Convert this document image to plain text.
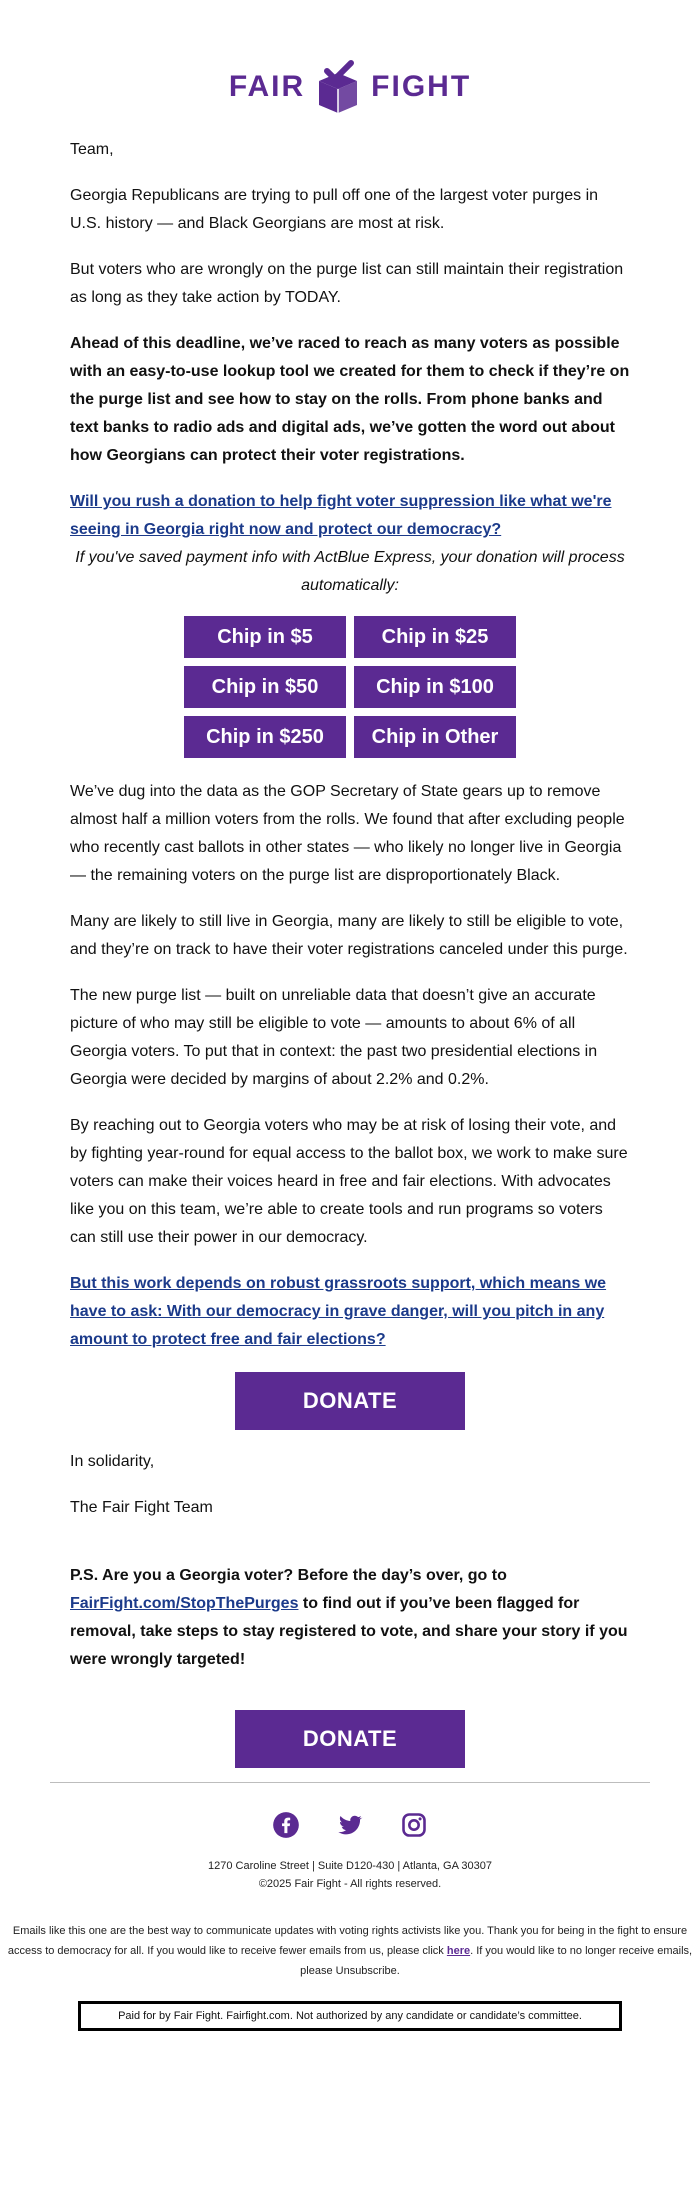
FAIR FIGHT

Team,

Georgia Republicans are trying to pull off one of the largest voter purges in U.S. history — and Black Georgians are most at risk.

But voters who are wrongly on the purge list can still maintain their registration as long as they take action by TODAY.

Ahead of this deadline, we’ve raced to reach as many voters as possible with an easy-to-use lookup tool we created for them to check if they’re on the purge list and see how to stay on the rolls. From phone banks and text banks to radio ads and digital ads, we’ve gotten the word out about how Georgians can protect their voter registrations.

Will you rush a donation to help fight voter suppression like what we're seeing in Georgia right now and protect our democracy?

If you've saved payment info with ActBlue Express, your donation will process automatically:

Chip in $5	Chip in $25
Chip in $50	Chip in $100
Chip in $250	Chip in Other

We’ve dug into the data as the GOP Secretary of State gears up to remove almost half a million voters from the rolls. We found that after excluding people who recently cast ballots in other states — who likely no longer live in Georgia — the remaining voters on the purge list are disproportionately Black.

Many are likely to still live in Georgia, many are likely to still be eligible to vote, and they’re on track to have their voter registrations canceled under this purge.

The new purge list — built on unreliable data that doesn’t give an accurate picture of who may still be eligible to vote — amounts to about 6% of all Georgia voters. To put that in context: the past two presidential elections in Georgia were decided by margins of about 2.2% and 0.2%.

By reaching out to Georgia voters who may be at risk of losing their vote, and by fighting year-round for equal access to the ballot box, we work to make sure voters can make their voices heard in free and fair elections. With advocates like you on this team, we’re able to create tools and run programs so voters can still use their power in our democracy.

But this work depends on robust grassroots support, which means we have to ask: With our democracy in grave danger, will you pitch in any amount to protect free and fair elections?
DONATE

In solidarity,

The Fair Fight Team

P.S. Are you a Georgia voter? Before the day’s over, go to FairFight.com/StopThePurges to find out if you’ve been flagged for removal, take steps to stay registered to vote, and share your story if you were wrongly targeted!

DONATE

1270 Caroline Street | Suite D120-430 | Atlanta, GA 30307

©2025 Fair Fight - All rights reserved.

Emails like this one are the best way to communicate updates with voting rights activists like you. Thank you for being in the fight to ensure access to democracy for all. If you would like to receive fewer emails from us, please click here. If you would like to no longer receive emails, please Unsubscribe.

Paid for by Fair Fight. Fairfight.com. Not authorized by any candidate or candidate’s committee.
